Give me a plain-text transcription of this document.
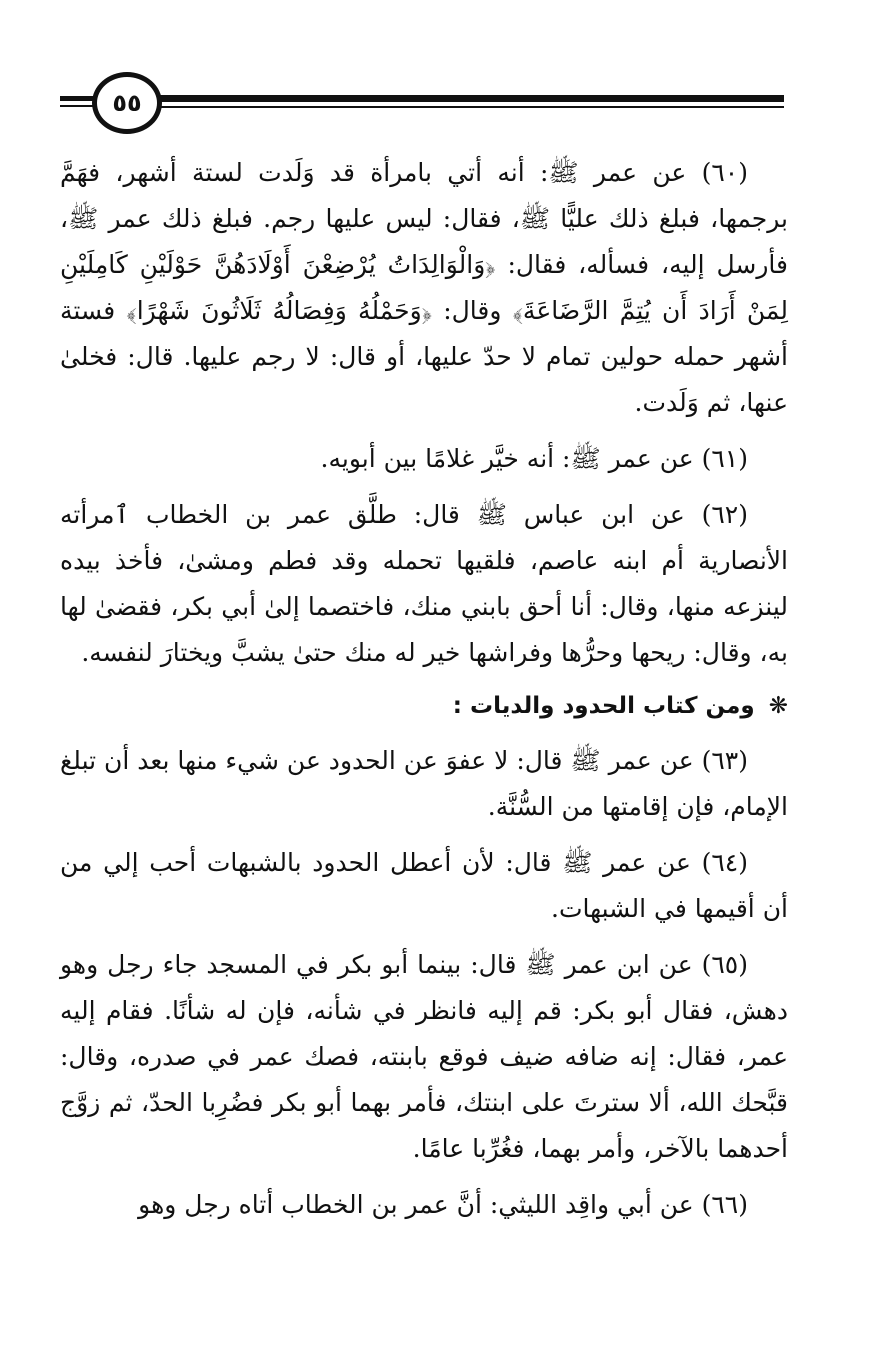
٥٥

(٦٠) عن عمر ﷺ: أنه أتي بامرأة قد وَلَدت لستة أشهر، فهَمَّ برجمها، فبلغ ذلك عليًّا ﷺ، فقال: ليس عليها رجم. فبلغ ذلك عمر ﷺ، فأرسل إليه، فسأله، فقال: ﴿وَالْوَالِدَاتُ يُرْضِعْنَ أَوْلَادَهُنَّ حَوْلَيْنِ كَامِلَيْنِ لِمَنْ أَرَادَ أَن يُتِمَّ الرَّضَاعَةَ﴾ وقال: ﴿وَحَمْلُهُ وَفِصَالُهُ ثَلَاثُونَ شَهْرًا﴾ فستة أشهر حمله حولين تمام لا حدّ عليها، أو قال: لا رجم عليها. قال: فخلىٰ عنها، ثم وَلَدت.

(٦١) عن عمر ﷺ: أنه خيَّر غلامًا بين أبويه.

(٦٢) عن ابن عباس ﷺ قال: طلَّق عمر بن الخطاب ٱمرأته الأنصارية أم ابنه عاصم، فلقيها تحمله وقد فطم ومشىٰ، فأخذ بيده لينزعه منها، وقال: أنا أحق بابني منك، فاختصما إلىٰ أبي بكر، فقضىٰ لها به، وقال: ريحها وحرُّها وفراشها خير له منك حتىٰ يشبَّ ويختارَ لنفسه.

❋ومن كتاب الحدود والديات :

(٦٣) عن عمر ﷺ قال: لا عفوَ عن الحدود عن شيء منها بعد أن تبلغ الإمام، فإن إقامتها من السُّنَّة.

(٦٤) عن عمر ﷺ قال: لأن أعطل الحدود بالشبهات أحب إلي من أن أقيمها في الشبهات.

(٦٥) عن ابن عمر ﷺ قال: بينما أبو بكر في المسجد جاء رجل وهو دهش، فقال أبو بكر: قم إليه فانظر في شأنه، فإن له شأنًا. فقام إليه عمر، فقال: إنه ضافه ضيف فوقع بابنته، فصك عمر في صدره، وقال: قبَّحك الله، ألا سترتَ على ابنتك، فأمر بهما أبو بكر فضُرِبا الحدّ، ثم زوَّج أحدهما بالآخر، وأمر بهما، فغُرِّبا عامًا.

(٦٦) عن أبي واقِد الليثي: أنَّ عمر بن الخطاب أتاه رجل وهو
